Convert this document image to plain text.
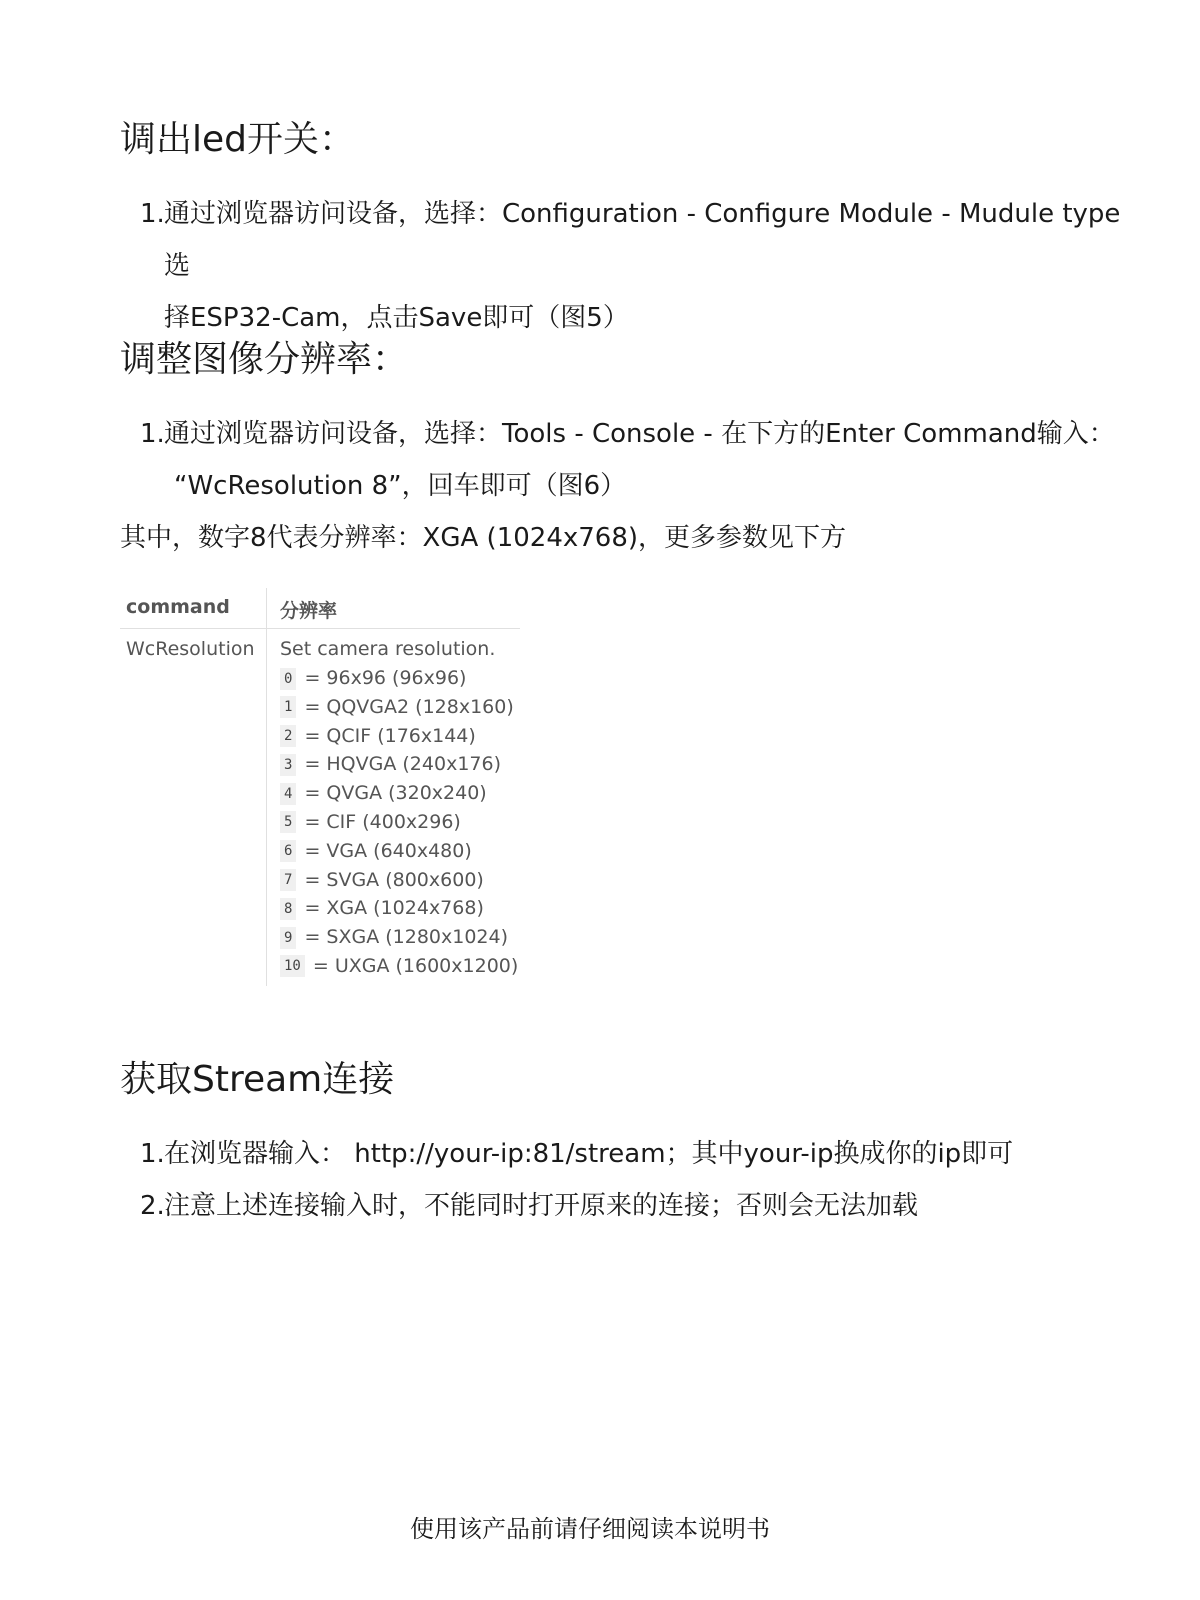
调出led开关：
1. 通过浏览器访问设备，选择：Configuration - Configure Module - Mudule type选
择ESP32-Cam，点击Save即可（图5）
调整图像分辨率：
1. 通过浏览器访问设备，选择：Tools - Console - 在下方的Enter Command输入：
“WcResolution 8”，回车即可（图6）

其中，数字8代表分辨率：XGA (1024x768)，更多参数见下方

command	分辨率
WcResolution Set camera resolution.
0 = 96x96 (96x96)
1 = QQVGA2 (128x160)
2 = QCIF (176x144)
3 = HQVGA (240x176)
4 = QVGA (320x240)
5 = CIF (400x296)
6 = VGA (640x480)
7 = SVGA (800x600)
8 = XGA (1024x768)
9 = SXGA (1280x1024)
10 = UXGA (1600x1200)
获取Stream连接
1. 在浏览器输入： http://your-ip:81/stream；其中your-ip换成你的ip即可
2. 注意上述连接输入时，不能同时打开原来的连接；否则会无法加载
使用该产品前请仔细阅读本说明书
